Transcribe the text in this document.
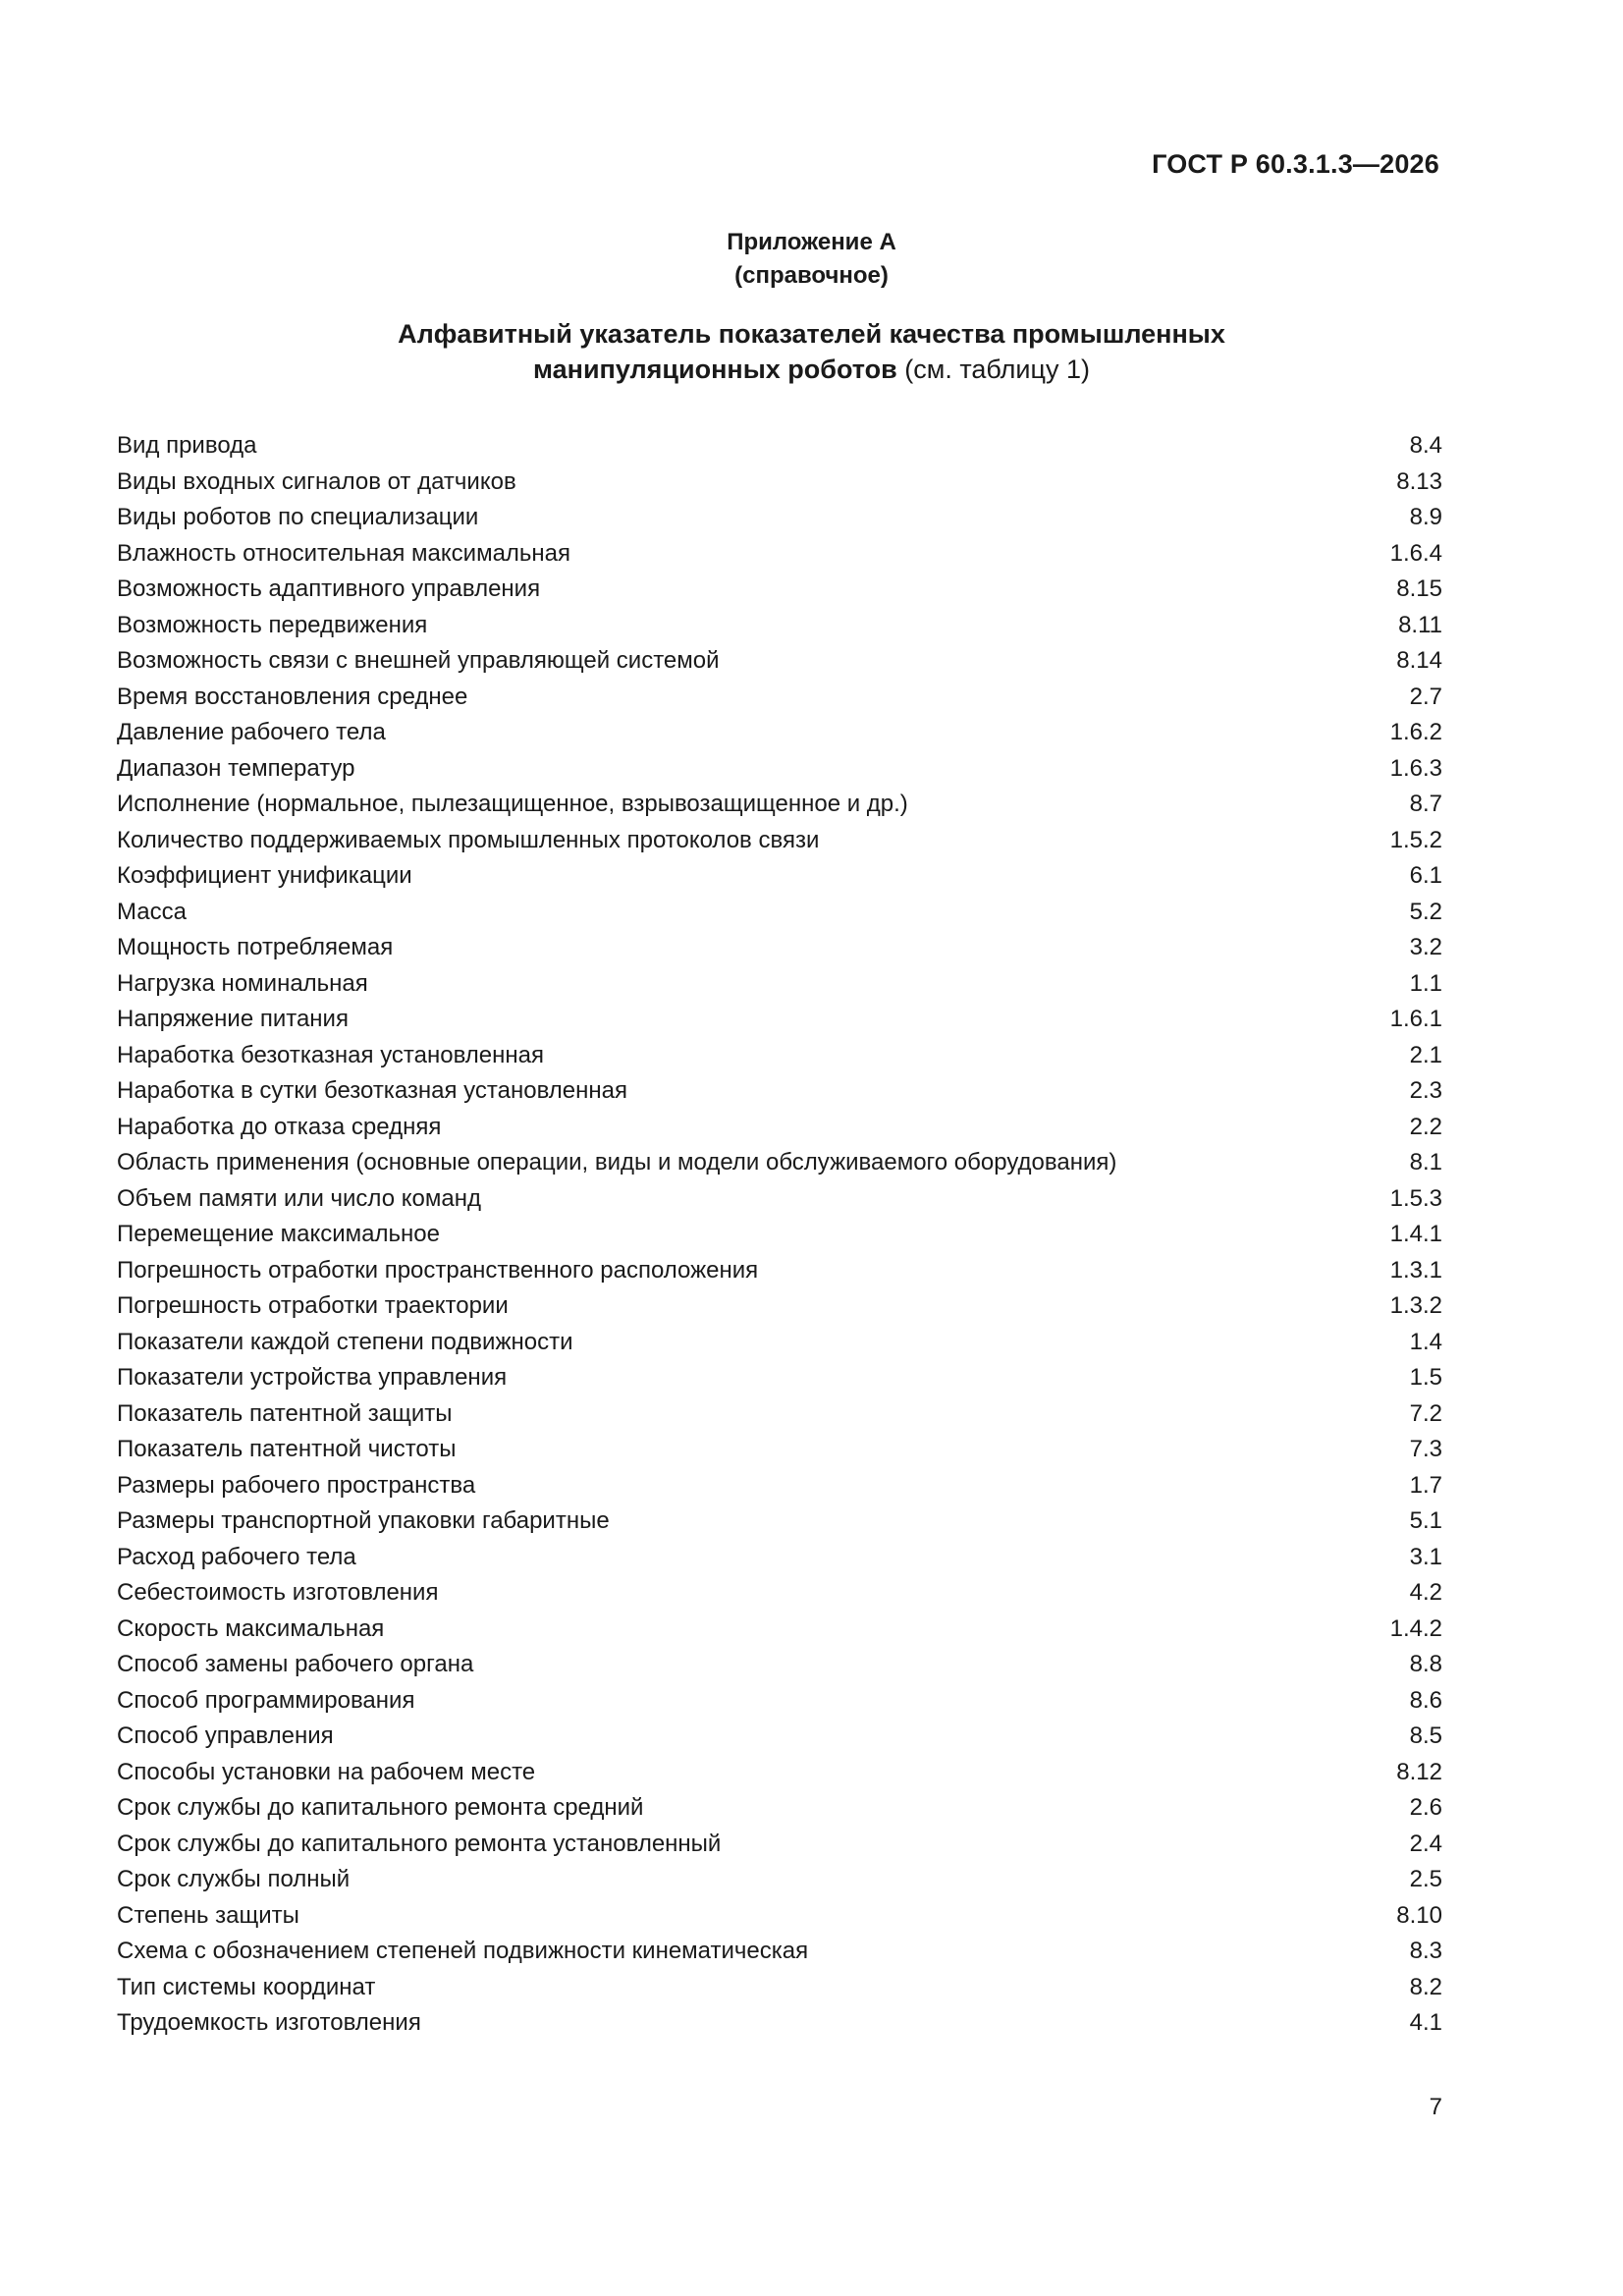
ГОСТ Р 60.3.1.3—2026
Приложение А
(справочное)
Алфавитный указатель показателей качества промышленных
манипуляционных роботов (см. таблицу 1)
Вид привода	8.4
Виды входных сигналов от датчиков	8.13
Виды роботов по специализации	8.9
Влажность относительная максимальная	1.6.4
Возможность адаптивного управления	8.15
Возможность передвижения	8.11
Возможность связи с внешней управляющей системой	8.14
Время восстановления среднее	2.7
Давление рабочего тела	1.6.2
Диапазон температур	1.6.3
Исполнение (нормальное, пылезащищенное, взрывозащищенное и др.)	8.7
Количество поддерживаемых промышленных протоколов связи	1.5.2
Коэффициент унификации	6.1
Масса	5.2
Мощность потребляемая	3.2
Нагрузка номинальная	1.1
Напряжение питания	1.6.1
Наработка безотказная установленная	2.1
Наработка в сутки безотказная установленная	2.3
Наработка до отказа средняя	2.2
Область применения (основные операции, виды и модели обслуживаемого оборудования)	8.1
Объем памяти или число команд	1.5.3
Перемещение максимальное	1.4.1
Погрешность отработки пространственного расположения	1.3.1
Погрешность отработки траектории	1.3.2
Показатели каждой степени подвижности	1.4
Показатели устройства управления	1.5
Показатель патентной защиты	7.2
Показатель патентной чистоты	7.3
Размеры рабочего пространства	1.7
Размеры транспортной упаковки габаритные	5.1
Расход рабочего тела	3.1
Себестоимость изготовления	4.2
Скорость максимальная	1.4.2
Способ замены рабочего органа	8.8
Способ программирования	8.6
Способ управления	8.5
Способы установки на рабочем месте	8.12
Срок службы до капитального ремонта средний	2.6
Срок службы до капитального ремонта установленный	2.4
Срок службы полный	2.5
Степень защиты	8.10
Схема с обозначением степеней подвижности кинематическая	8.3
Тип системы координат	8.2
Трудоемкость изготовления	4.1
7
